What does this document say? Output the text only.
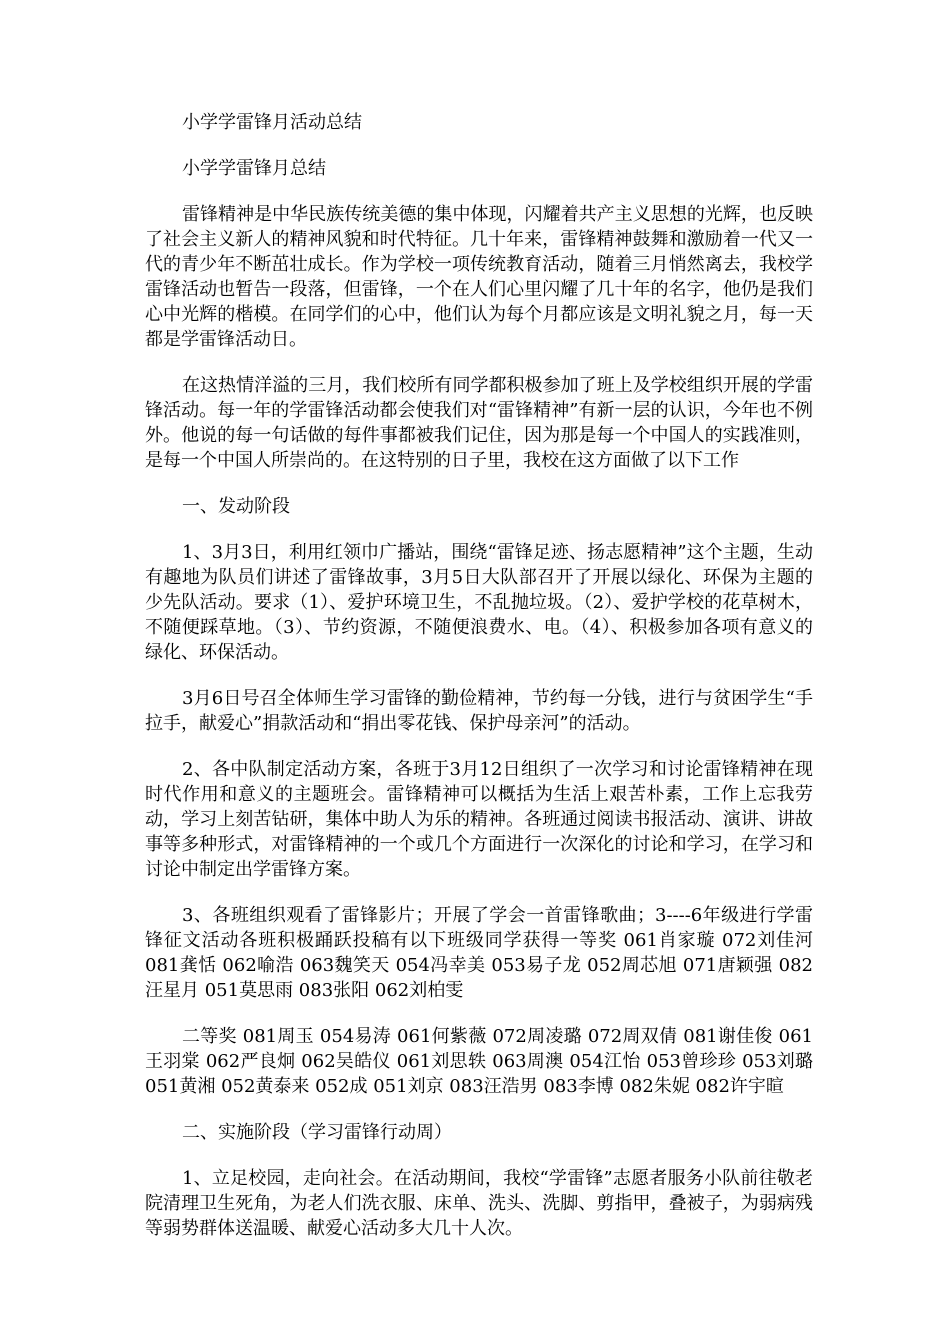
小学学雷锋月活动总结

小学学雷锋月总结

雷锋精神是中华民族传统美德的集中体现，闪耀着共产主义思想的光辉，也反映了社会主义新人的精神风貌和时代特征。几十年来，雷锋精神鼓舞和激励着一代又一代的青少年不断茁壮成长。作为学校一项传统教育活动，随着三月悄然离去，我校学雷锋活动也暂告一段落，但雷锋，一个在人们心里闪耀了几十年的名字，他仍是我们心中光辉的楷模。在同学们的心中，他们认为每个月都应该是文明礼貌之月，每一天都是学雷锋活动日。

在这热情洋溢的三月，我们校所有同学都积极参加了班上及学校组织开展的学雷锋活动。每一年的学雷锋活动都会使我们对“雷锋精神”有新一层的认识，今年也不例外。他说的每一句话做的每件事都被我们记住，因为那是每一个中国人的实践准则，是每一个中国人所崇尚的。在这特别的日子里，我校在这方面做了以下工作

一、发动阶段

1、3月3日，利用红领巾广播站，围绕“雷锋足迹、扬志愿精神”这个主题，生动有趣地为队员们讲述了雷锋故事，3月5日大队部召开了开展以绿化、环保为主题的少先队活动。要求（1）、爱护环境卫生，不乱抛垃圾。（2）、爱护学校的花草树木，不随便踩草地。（3）、节约资源，不随便浪费水、电。（4）、积极参加各项有意义的绿化、环保活动。

3月6日号召全体师生学习雷锋的勤俭精神，节约每一分钱，进行与贫困学生“手拉手，献爱心”捐款活动和“捐出零花钱、保护母亲河”的活动。

2、各中队制定活动方案，各班于3月12日组织了一次学习和讨论雷锋精神在现时代作用和意义的主题班会。雷锋精神可以概括为生活上艰苦朴素，工作上忘我劳动，学习上刻苦钻研，集体中助人为乐的精神。各班通过阅读书报活动、演讲、讲故事等多种形式，对雷锋精神的一个或几个方面进行一次深化的讨论和学习，在学习和讨论中制定出学雷锋方案。

3、各班组织观看了雷锋影片；开展了学会一首雷锋歌曲；3----6年级进行学雷锋征文活动各班积极踊跃投稿有以下班级同学获得一等奖 061肖家璇 072刘佳河 081龚恬 062喻浩 063魏笑天 054冯幸美 053易子龙 052周芯旭 071唐颖强 082汪星月 051莫思雨 083张阳 062刘柏雯

二等奖 081周玉 054易涛 061何紫薇 072周凌璐 072周双倩 081谢佳俊 061王羽棠 062严良炯 062吴皓仪 061刘思轶 063周澳 054江怡 053曾珍珍 053刘璐 051黄湘 052黄泰来 052成 051刘京 083汪浩男 083李博 082朱妮 082许宇暄

二、实施阶段（学习雷锋行动周）

1、立足校园，走向社会。在活动期间，我校“学雷锋”志愿者服务小队前往敬老院清理卫生死角，为老人们洗衣服、床单、洗头、洗脚、剪指甲，叠被子，为弱病残等弱势群体送温暖、献爱心活动多大几十人次。
